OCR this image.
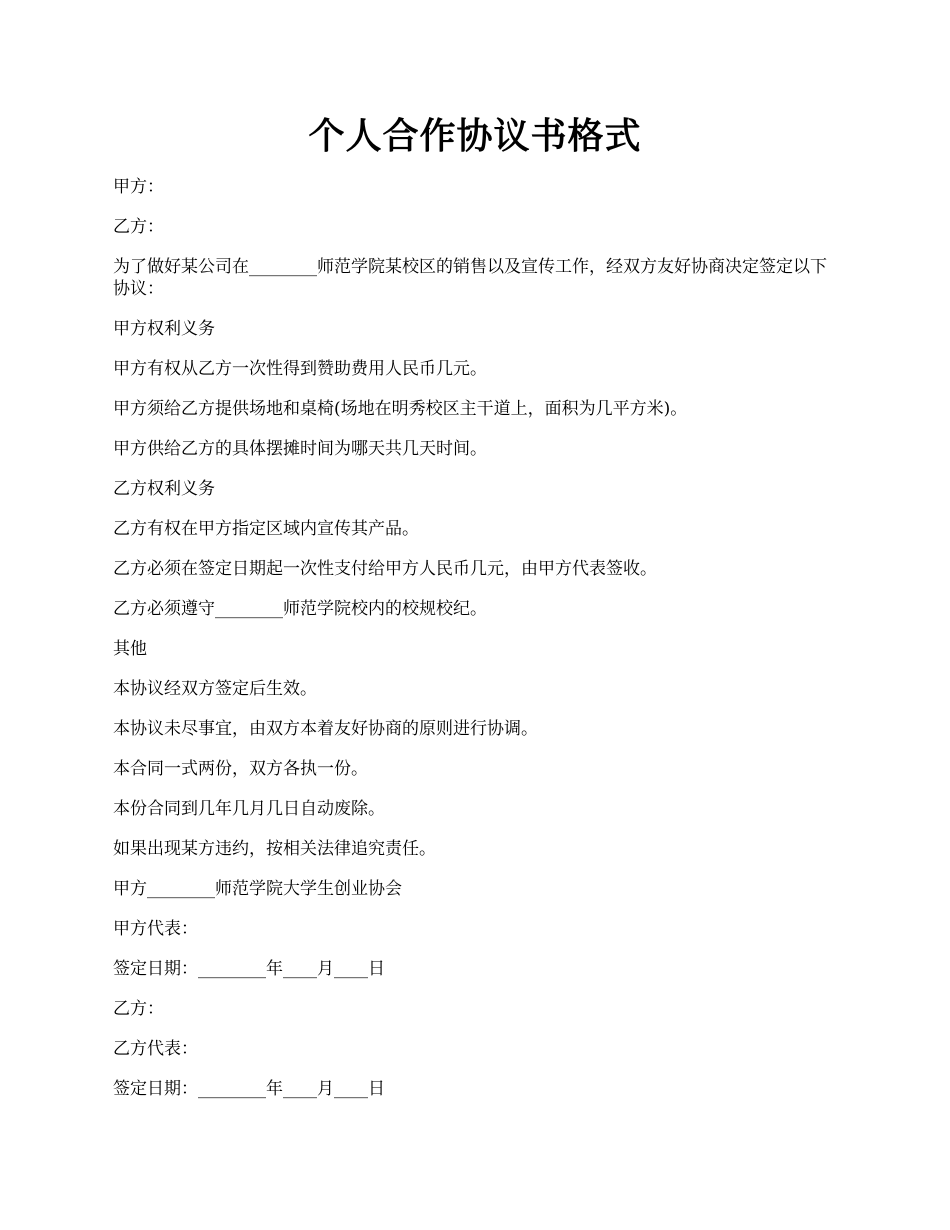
个人合作协议书格式

甲方：

乙方：

为了做好某公司在________师范学院某校区的销售以及宣传工作，经双方友好协商决定签定以下协议：

甲方权利义务

甲方有权从乙方一次性得到赞助费用人民币几元。

甲方须给乙方提供场地和桌椅(场地在明秀校区主干道上，面积为几平方米)。

甲方供给乙方的具体摆摊时间为哪天共几天时间。

乙方权利义务

乙方有权在甲方指定区域内宣传其产品。

乙方必须在签定日期起一次性支付给甲方人民币几元，由甲方代表签收。

乙方必须遵守________师范学院校内的校规校纪。

其他

本协议经双方签定后生效。

本协议未尽事宜，由双方本着友好协商的原则进行协调。

本合同一式两份，双方各执一份。

本份合同到几年几月几日自动废除。

如果出现某方违约，按相关法律追究责任。

甲方________师范学院大学生创业协会

甲方代表：

签定日期：________年____月____日

乙方：

乙方代表：

签定日期：________年____月____日
